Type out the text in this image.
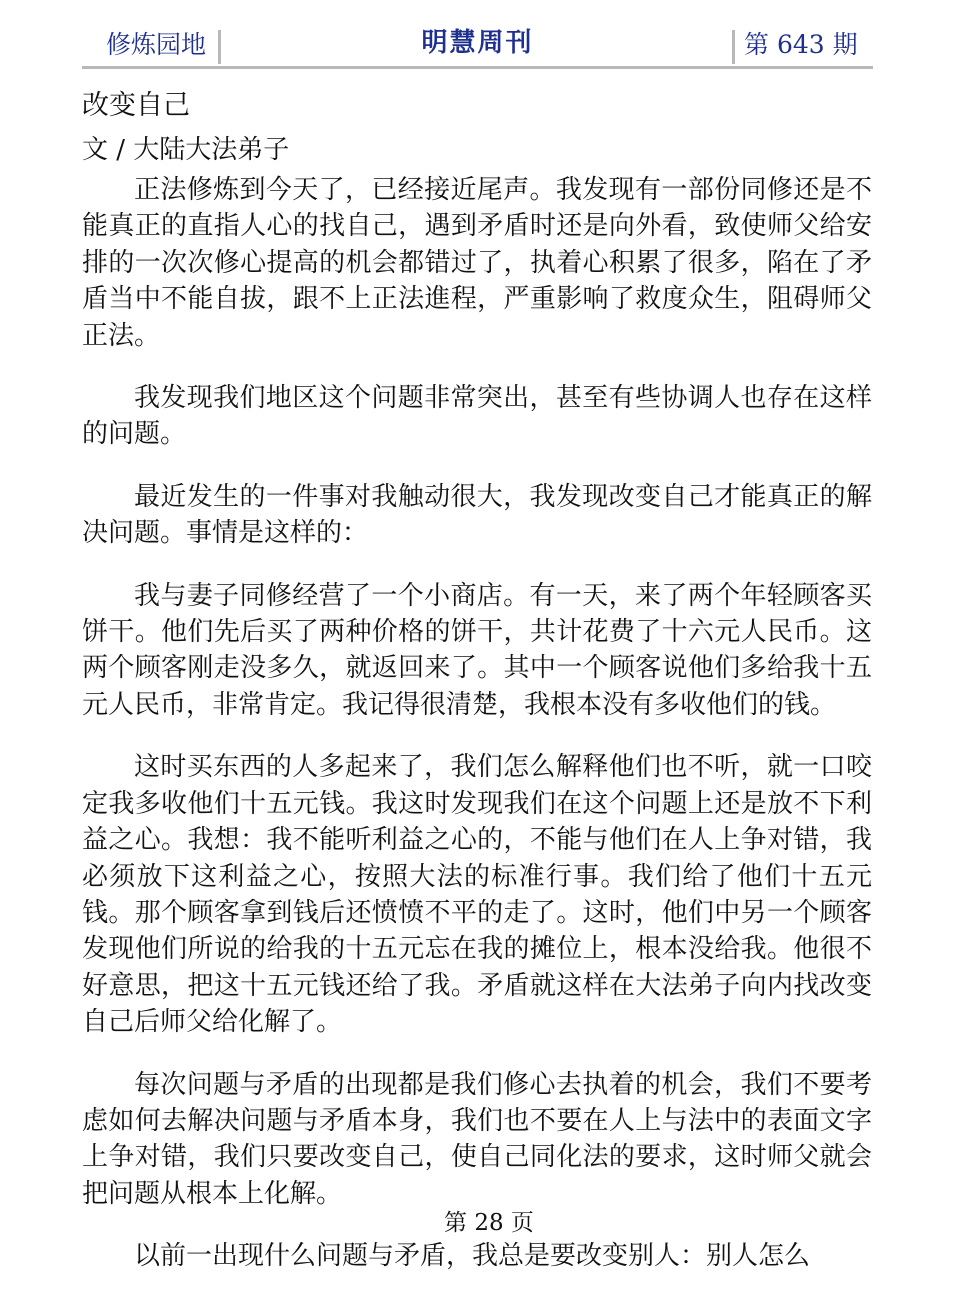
修炼园地	明慧周刊	第 643 期
改变自己
文 / 大陆大法弟子

正法修炼到今天了，已经接近尾声。我发现有一部份同修还是不能真正的直指人心的找自己，遇到矛盾时还是向外看，致使师父给安排的一次次修心提高的机会都错过了，执着心积累了很多，陷在了矛盾当中不能自拔，跟不上正法進程，严重影响了救度众生，阻碍师父正法。

我发现我们地区这个问题非常突出，甚至有些协调人也存在这样的问题。

最近发生的一件事对我触动很大，我发现改变自己才能真正的解决问题。事情是这样的：

我与妻子同修经营了一个小商店。有一天，来了两个年轻顾客买饼干。他们先后买了两种价格的饼干，共计花费了十六元人民币。这两个顾客刚走没多久，就返回来了。其中一个顾客说他们多给我十五元人民币，非常肯定。我记得很清楚，我根本没有多收他们的钱。

这时买东西的人多起来了，我们怎么解释他们也不听，就一口咬定我多收他们十五元钱。我这时发现我们在这个问题上还是放不下利益之心。我想：我不能听利益之心的，不能与他们在人上争对错，我必须放下这利益之心，按照大法的标准行事。我们给了他们十五元钱。那个顾客拿到钱后还愤愤不平的走了。这时，他们中另一个顾客发现他们所说的给我的十五元忘在我的摊位上，根本没给我。他很不好意思，把这十五元钱还给了我。矛盾就这样在大法弟子向内找改变自己后师父给化解了。

每次问题与矛盾的出现都是我们修心去执着的机会，我们不要考虑如何去解决问题与矛盾本身，我们也不要在人上与法中的表面文字上争对错，我们只要改变自己，使自己同化法的要求，这时师父就会把问题从根本上化解。

以前一出现什么问题与矛盾，我总是要改变别人：别人怎么

第 28 页
